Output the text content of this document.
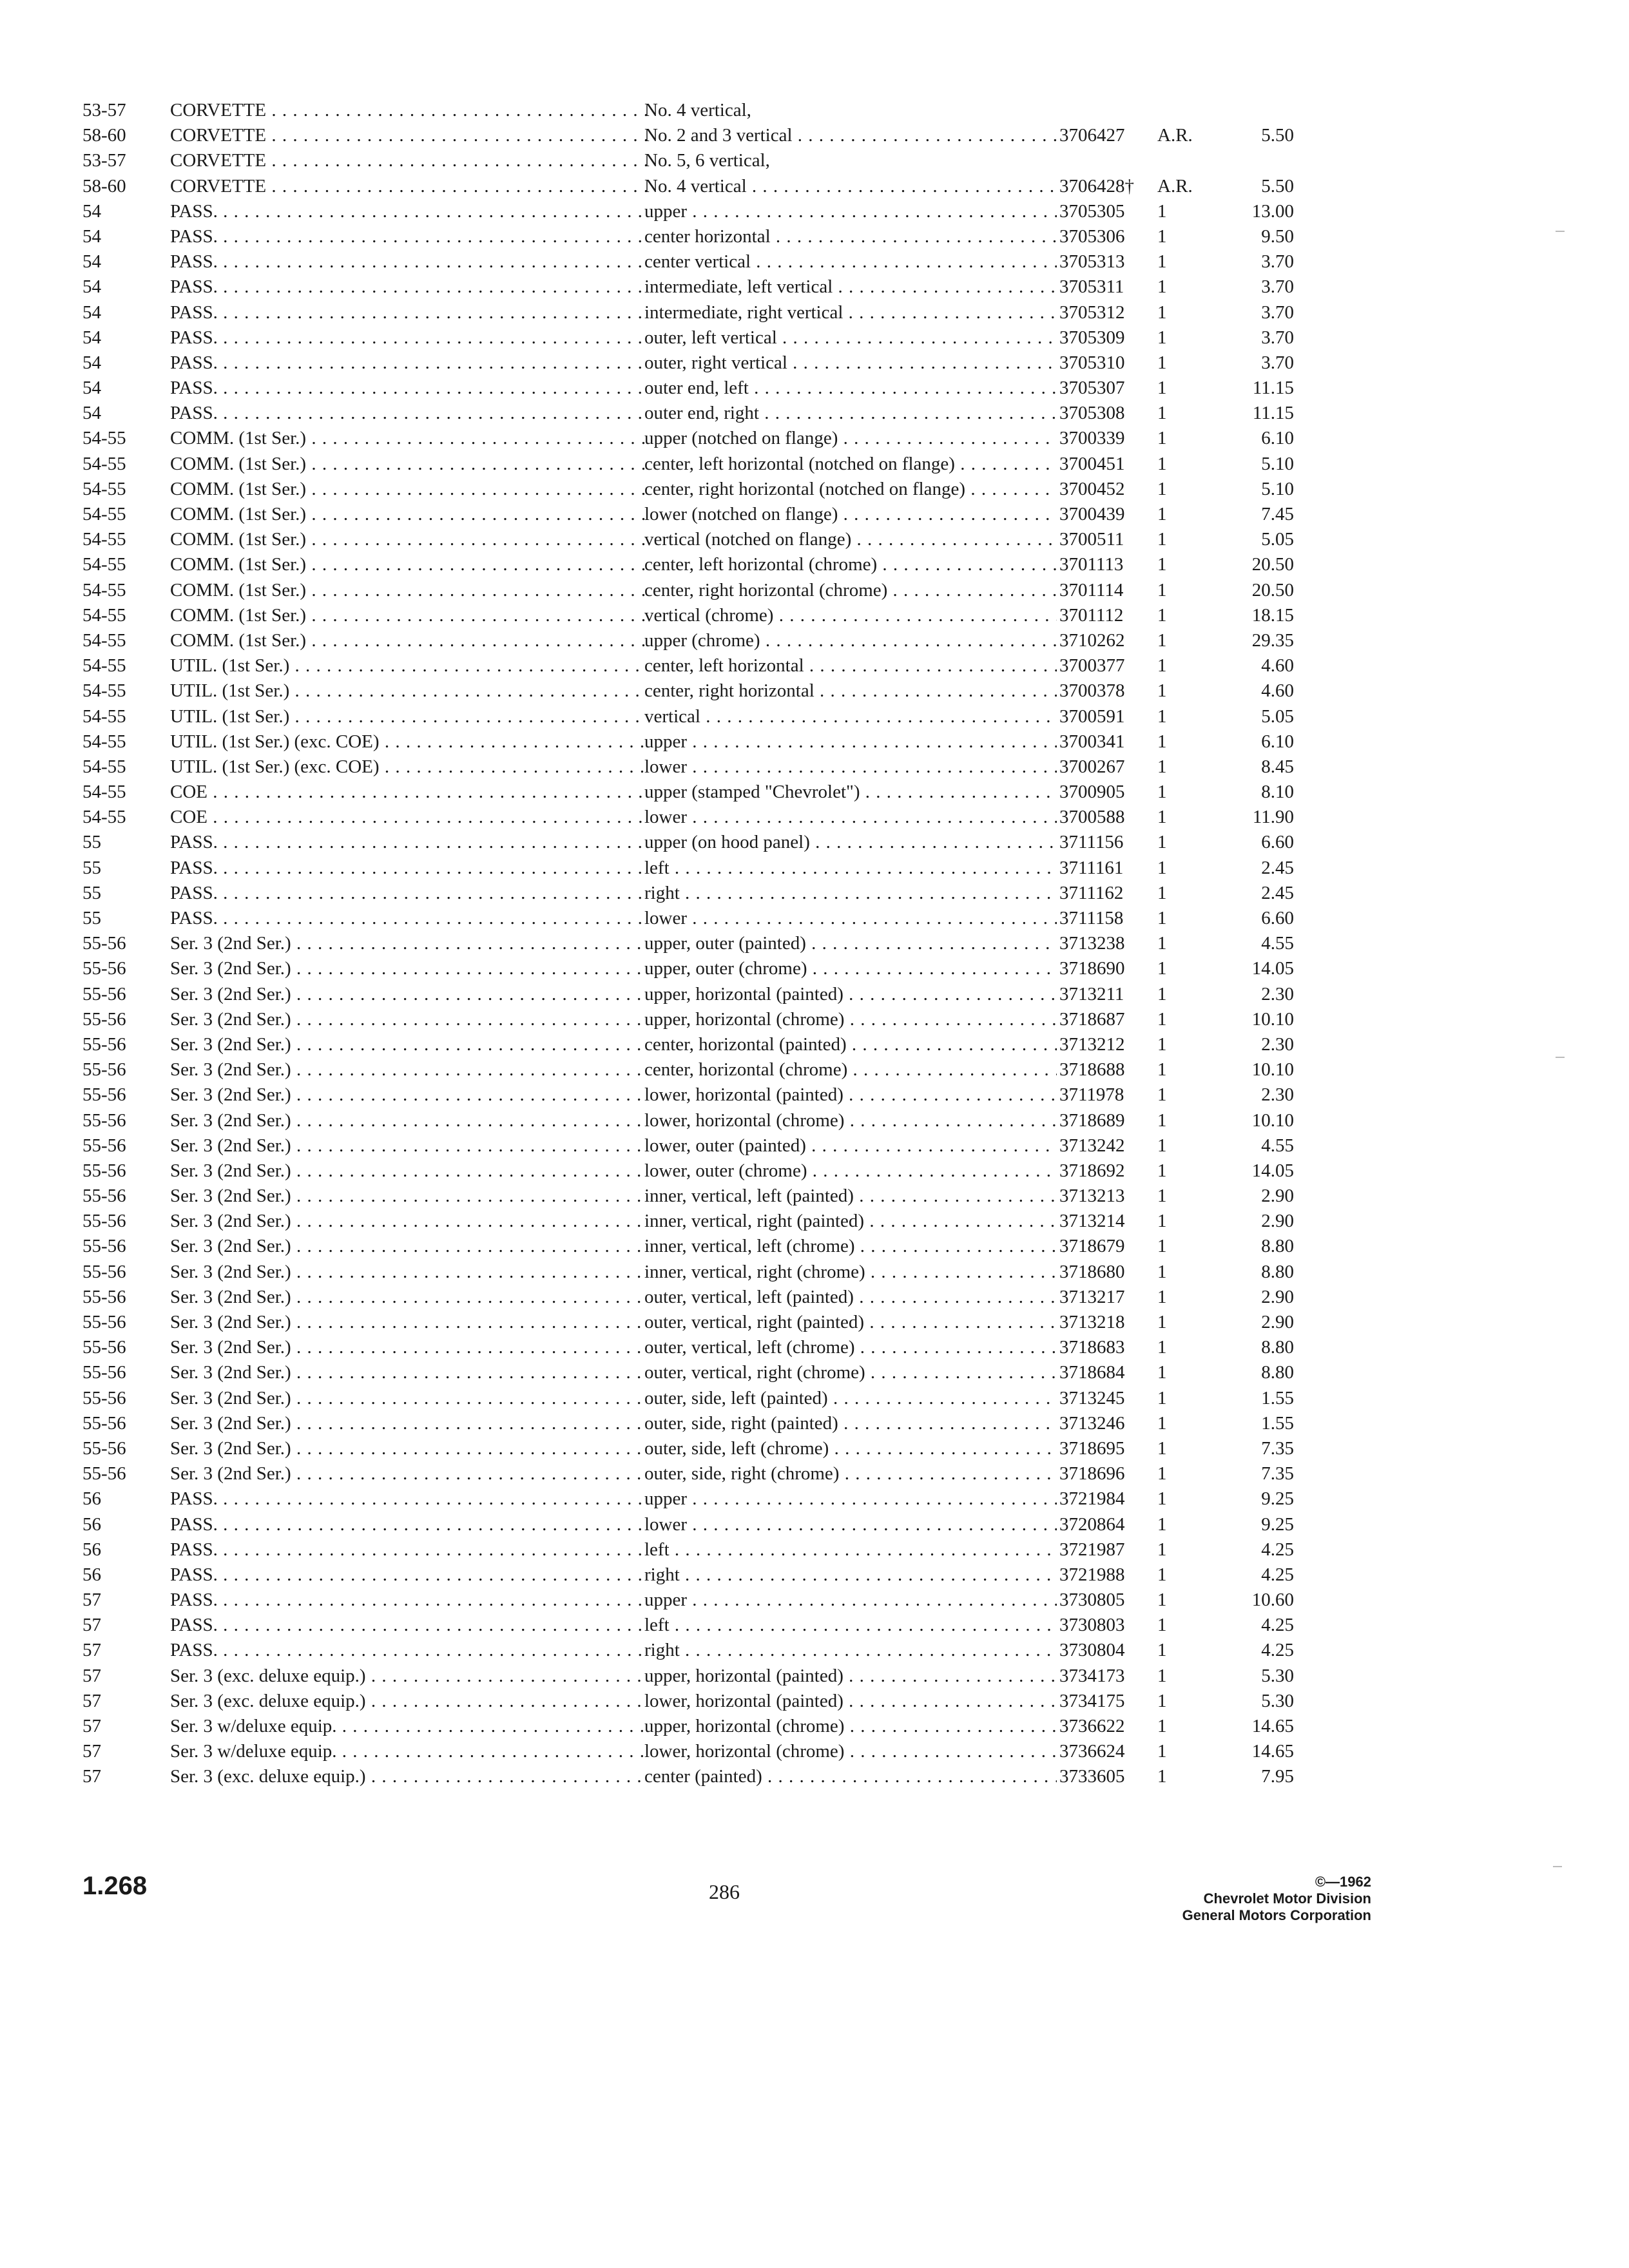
53-57	CORVETTE . . .	No. 4 vertical,
58-60	CORVETTE . . .	No. 2 and 3 vertical . . .	3706427	A.R.	5.50
53-57	CORVETTE . . .	No. 5, 6 vertical,
58-60	CORVETTE . . .	No. 4 vertical . . .	3706428†	A.R.	5.50
54	PASS. . . .	upper . . .	3705305	1	13.00
54	PASS. . . .	center horizontal . . .	3705306	1	9.50
54	PASS. . . .	center vertical . . .	3705313	1	3.70
54	PASS. . . .	intermediate, left vertical . . .	3705311	1	3.70
54	PASS. . . .	intermediate, right vertical . . .	3705312	1	3.70
54	PASS. . . .	outer, left vertical . . .	3705309	1	3.70
54	PASS. . . .	outer, right vertical . . .	3705310	1	3.70
54	PASS. . . .	outer end, left . . .	3705307	1	11.15
54	PASS. . . .	outer end, right . . .	3705308	1	11.15
54-55	COMM. (1st Ser.) . . .	upper (notched on flange) . . .	3700339	1	6.10
54-55	COMM. (1st Ser.) . . .	center, left horizontal (notched on flange) . . .	3700451	1	5.10
54-55	COMM. (1st Ser.) . . .	center, right horizontal (notched on flange) . . .	3700452	1	5.10
54-55	COMM. (1st Ser.) . . .	lower (notched on flange) . . .	3700439	1	7.45
54-55	COMM. (1st Ser.) . . .	vertical (notched on flange) . . .	3700511	1	5.05
54-55	COMM. (1st Ser.) . . .	center, left horizontal (chrome) . . .	3701113	1	20.50
54-55	COMM. (1st Ser.) . . .	center, right horizontal (chrome) . . .	3701114	1	20.50
54-55	COMM. (1st Ser.) . . .	vertical (chrome) . . .	3701112	1	18.15
54-55	COMM. (1st Ser.) . . .	upper (chrome) . . .	3710262	1	29.35
54-55	UTIL. (1st Ser.) . . .	center, left horizontal . . .	3700377	1	4.60
54-55	UTIL. (1st Ser.) . . .	center, right horizontal . . .	3700378	1	4.60
54-55	UTIL. (1st Ser.) . . .	vertical . . .	3700591	1	5.05
54-55	UTIL. (1st Ser.) (exc. COE) . . .	upper . . .	3700341	1	6.10
54-55	UTIL. (1st Ser.) (exc. COE) . . .	lower . . .	3700267	1	8.45
54-55	COE . . .	upper (stamped "Chevrolet") . . .	3700905	1	8.10
54-55	COE . . .	lower . . .	3700588	1	11.90
55	PASS. . . .	upper (on hood panel) . . .	3711156	1	6.60
55	PASS. . . .	left . . .	3711161	1	2.45
55	PASS. . . .	right . . .	3711162	1	2.45
55	PASS. . . .	lower . . .	3711158	1	6.60
55-56	Ser. 3 (2nd Ser.) . . .	upper, outer (painted) . . .	3713238	1	4.55
55-56	Ser. 3 (2nd Ser.) . . .	upper, outer (chrome) . . .	3718690	1	14.05
55-56	Ser. 3 (2nd Ser.) . . .	upper, horizontal (painted) . . .	3713211	1	2.30
55-56	Ser. 3 (2nd Ser.) . . .	upper, horizontal (chrome) . . .	3718687	1	10.10
55-56	Ser. 3 (2nd Ser.) . . .	center, horizontal (painted) . . .	3713212	1	2.30
55-56	Ser. 3 (2nd Ser.) . . .	center, horizontal (chrome) . . .	3718688	1	10.10
55-56	Ser. 3 (2nd Ser.) . . .	lower, horizontal (painted) . . .	3711978	1	2.30
55-56	Ser. 3 (2nd Ser.) . . .	lower, horizontal (chrome) . . .	3718689	1	10.10
55-56	Ser. 3 (2nd Ser.) . . .	lower, outer (painted) . . .	3713242	1	4.55
55-56	Ser. 3 (2nd Ser.) . . .	lower, outer (chrome) . . .	3718692	1	14.05
55-56	Ser. 3 (2nd Ser.) . . .	inner, vertical, left (painted) . . .	3713213	1	2.90
55-56	Ser. 3 (2nd Ser.) . . .	inner, vertical, right (painted) . . .	3713214	1	2.90
55-56	Ser. 3 (2nd Ser.) . . .	inner, vertical, left (chrome) . . .	3718679	1	8.80
55-56	Ser. 3 (2nd Ser.) . . .	inner, vertical, right (chrome) . . .	3718680	1	8.80
55-56	Ser. 3 (2nd Ser.) . . .	outer, vertical, left (painted) . . .	3713217	1	2.90
55-56	Ser. 3 (2nd Ser.) . . .	outer, vertical, right (painted) . . .	3713218	1	2.90
55-56	Ser. 3 (2nd Ser.) . . .	outer, vertical, left (chrome) . . .	3718683	1	8.80
55-56	Ser. 3 (2nd Ser.) . . .	outer, vertical, right (chrome) . . .	3718684	1	8.80
55-56	Ser. 3 (2nd Ser.) . . .	outer, side, left (painted) . . .	3713245	1	1.55
55-56	Ser. 3 (2nd Ser.) . . .	outer, side, right (painted) . . .	3713246	1	1.55
55-56	Ser. 3 (2nd Ser.) . . .	outer, side, left (chrome) . . .	3718695	1	7.35
55-56	Ser. 3 (2nd Ser.) . . .	outer, side, right (chrome) . . .	3718696	1	7.35
56	PASS. . . .	upper . . .	3721984	1	9.25
56	PASS. . . .	lower . . .	3720864	1	9.25
56	PASS. . . .	left . . .	3721987	1	4.25
56	PASS. . . .	right . . .	3721988	1	4.25
57	PASS. . . .	upper . . .	3730805	1	10.60
57	PASS. . . .	left . . .	3730803	1	4.25
57	PASS. . . .	right . . .	3730804	1	4.25
57	Ser. 3 (exc. deluxe equip.) . . .	upper, horizontal (painted) . . .	3734173	1	5.30
57	Ser. 3 (exc. deluxe equip.) . . .	lower, horizontal (painted) . . .	3734175	1	5.30
57	Ser. 3 w/deluxe equip. . . .	upper, horizontal (chrome) . . .	3736622	1	14.65
57	Ser. 3 w/deluxe equip. . . .	lower, horizontal (chrome) . . .	3736624	1	14.65
57	Ser. 3 (exc. deluxe equip.) . . .	center (painted) . . .	3733605	1	7.95
1.268	286	©—1962
Chevrolet Motor Division
General Motors Corporation
